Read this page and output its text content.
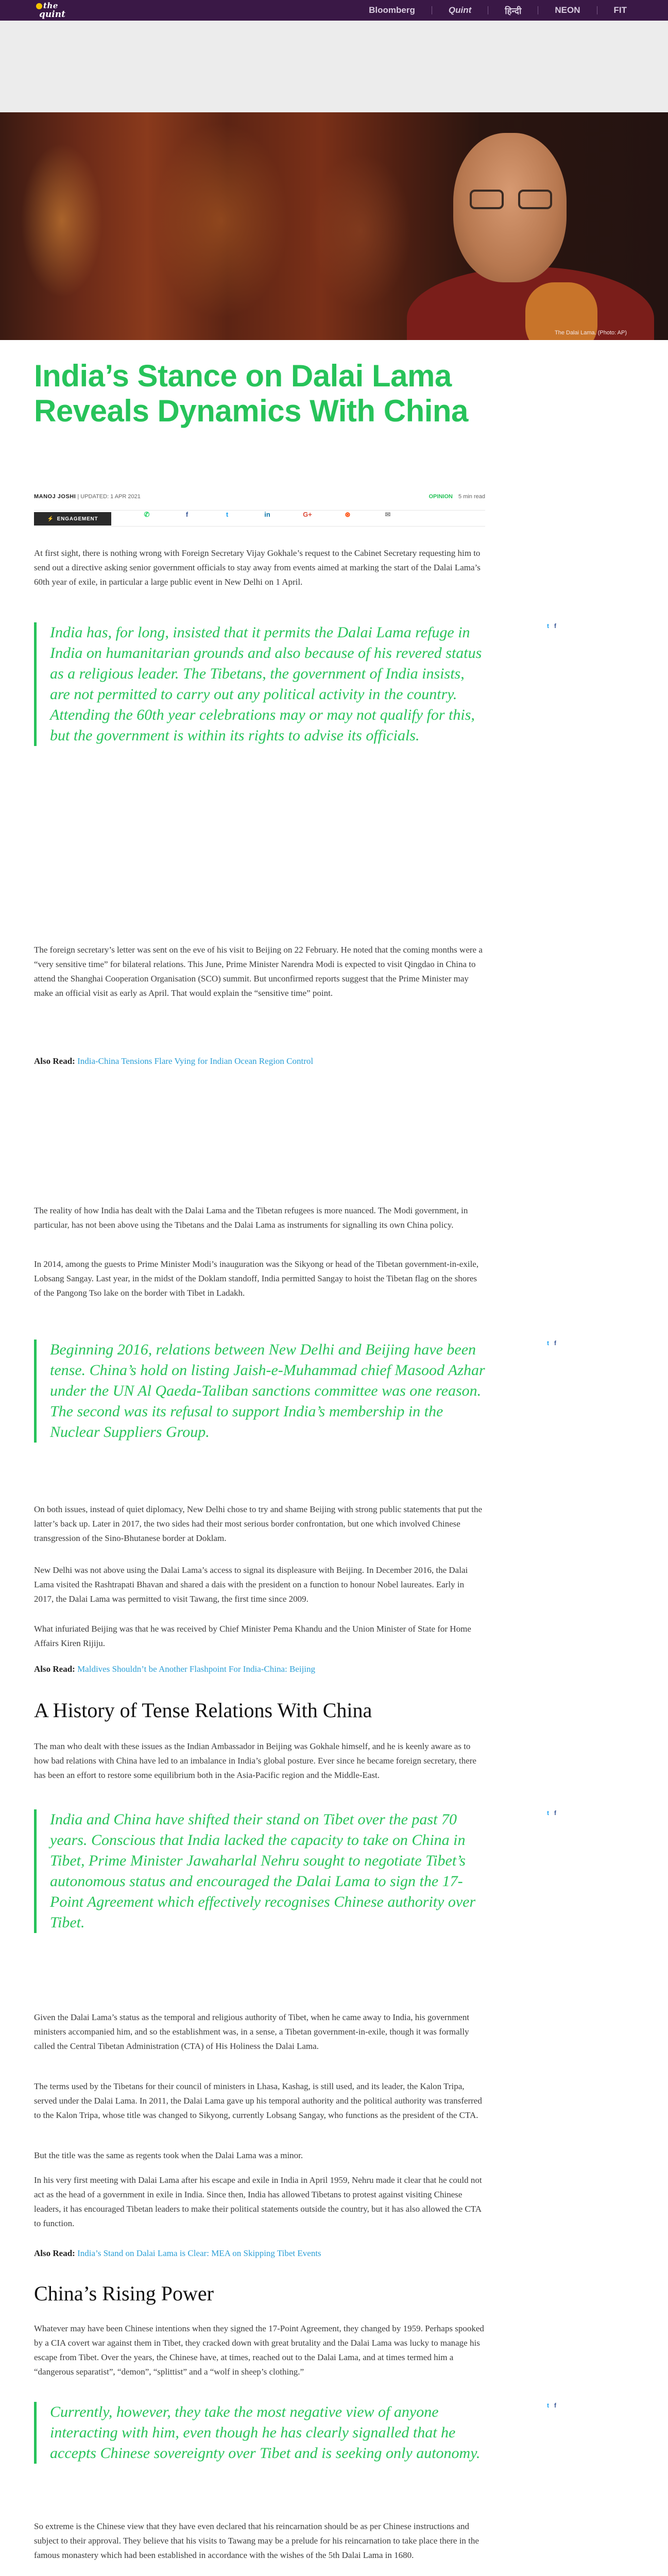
the
quint	Bloomberg	Quint	हिन्दी	NEON	FIT
The Dalai Lama. (Photo: AP)
India’s Stance on Dalai Lama Reveals Dynamics With China
MANOJ JOSHI | UPDATED: 1 APR 2021	OPINION 5 min read
⚡ ENGAGEMENT
✆	f	t	in	G+	⊛	✉

At first sight, there is nothing wrong with Foreign Secretary Vijay Gokhale’s request to the Cabinet Secretary requesting him to send out a directive asking senior government officials to stay away from events aimed at marking the start of the Dalai Lama’s 60th year of exile, in particular a large public event in New Delhi on 1 April.

t f
India has, for long, insisted that it permits the Dalai Lama refuge in India on humanitarian grounds and also because of his revered status as a religious leader. The Tibetans, the government of India insists, are not permitted to carry out any political activity in the country. Attending the 60th year celebrations may or may not qualify for this, but the government is within its rights to advise its officials.

The foreign secretary’s letter was sent on the eve of his visit to Beijing on 22 February. He noted that the coming months were a “very sensitive time” for bilateral relations. This June, Prime Minister Narendra Modi is expected to visit Qingdao in China to attend the Shanghai Cooperation Organisation (SCO) summit. But unconfirmed reports suggest that the Prime Minister may make an official visit as early as April. That would explain the “sensitive time” point.

Also Read: India-China Tensions Flare Vying for Indian Ocean Region Control

The reality of how India has dealt with the Dalai Lama and the Tibetan refugees is more nuanced. The Modi government, in particular, has not been above using the Tibetans and the Dalai Lama as instruments for signalling its own China policy.

In 2014, among the guests to Prime Minister Modi’s inauguration was the Sikyong or head of the Tibetan government-in-exile, Lobsang Sangay. Last year, in the midst of the Doklam standoff, India permitted Sangay to hoist the Tibetan flag on the shores of the Pangong Tso lake on the border with Tibet in Ladakh.

t f
Beginning 2016, relations between New Delhi and Beijing have been tense. China’s hold on listing Jaish-e-Muhammad chief Masood Azhar under the UN Al Qaeda-Taliban sanctions committee was one reason. The second was its refusal to support India’s membership in the Nuclear Suppliers Group.

On both issues, instead of quiet diplomacy, New Delhi chose to try and shame Beijing with strong public statements that put the latter’s back up. Later in 2017, the two sides had their most serious border confrontation, but one which involved Chinese transgression of the Sino-Bhutanese border at Doklam.

New Delhi was not above using the Dalai Lama’s access to signal its displeasure with Beijing. In December 2016, the Dalai Lama visited the Rashtrapati Bhavan and shared a dais with the president on a function to honour Nobel laureates. Early in 2017, the Dalai Lama was permitted to visit Tawang, the first time since 2009.

What infuriated Beijing was that he was received by Chief Minister Pema Khandu and the Union Minister of State for Home Affairs Kiren Rijiju.

Also Read: Maldives Shouldn’t be Another Flashpoint For India-China: Beijing

A History of Tense Relations With China

The man who dealt with these issues as the Indian Ambassador in Beijing was Gokhale himself, and he is keenly aware as to how bad relations with China have led to an imbalance in India’s global posture. Ever since he became foreign secretary, there has been an effort to restore some equilibrium both in the Asia-Pacific region and the Middle-East.

t f
India and China have shifted their stand on Tibet over the past 70 years. Conscious that India lacked the capacity to take on China in Tibet, Prime Minister Jawaharlal Nehru sought to negotiate Tibet’s autonomous status and encouraged the Dalai Lama to sign the 17-Point Agreement which effectively recognises Chinese authority over Tibet.

Given the Dalai Lama’s status as the temporal and religious authority of Tibet, when he came away to India, his government ministers accompanied him, and so the establishment was, in a sense, a Tibetan government-in-exile, though it was formally called the Central Tibetan Administration (CTA) of His Holiness the Dalai Lama.

The terms used by the Tibetans for their council of ministers in Lhasa, Kashag, is still used, and its leader, the Kalon Tripa, served under the Dalai Lama. In 2011, the Dalai Lama gave up his temporal authority and the political authority was transferred to the Kalon Tripa, whose title was changed to Sikyong, currently Lobsang Sangay, who functions as the president of the CTA.

But the title was the same as regents took when the Dalai Lama was a minor.

In his very first meeting with Dalai Lama after his escape and exile in India in April 1959, Nehru made it clear that he could not act as the head of a government in exile in India. Since then, India has allowed Tibetans to protest against visiting Chinese leaders, it has encouraged Tibetan leaders to make their political statements outside the country, but it has also allowed the CTA to function.

Also Read: India’s Stand on Dalai Lama is Clear: MEA on Skipping Tibet Events

China’s Rising Power

Whatever may have been Chinese intentions when they signed the 17-Point Agreement, they changed by 1959. Perhaps spooked by a CIA covert war against them in Tibet, they cracked down with great brutality and the Dalai Lama was lucky to manage his escape from Tibet. Over the years, the Chinese have, at times, reached out to the Dalai Lama, and at times termed him a “dangerous separatist”, “demon”, “splittist” and a “wolf in sheep’s clothing.”

t f
Currently, however, they take the most negative view of anyone interacting with him, even though he has clearly signalled that he accepts Chinese sovereignty over Tibet and is seeking only autonomy.

So extreme is the Chinese view that they have even declared that his reincarnation should be as per Chinese instructions and subject to their approval. They believe that his visits to Tawang may be a prelude for his reincarnation to take place there in the famous monastery which had been established in accordance with the wishes of the 5th Dalai Lama in 1680.
